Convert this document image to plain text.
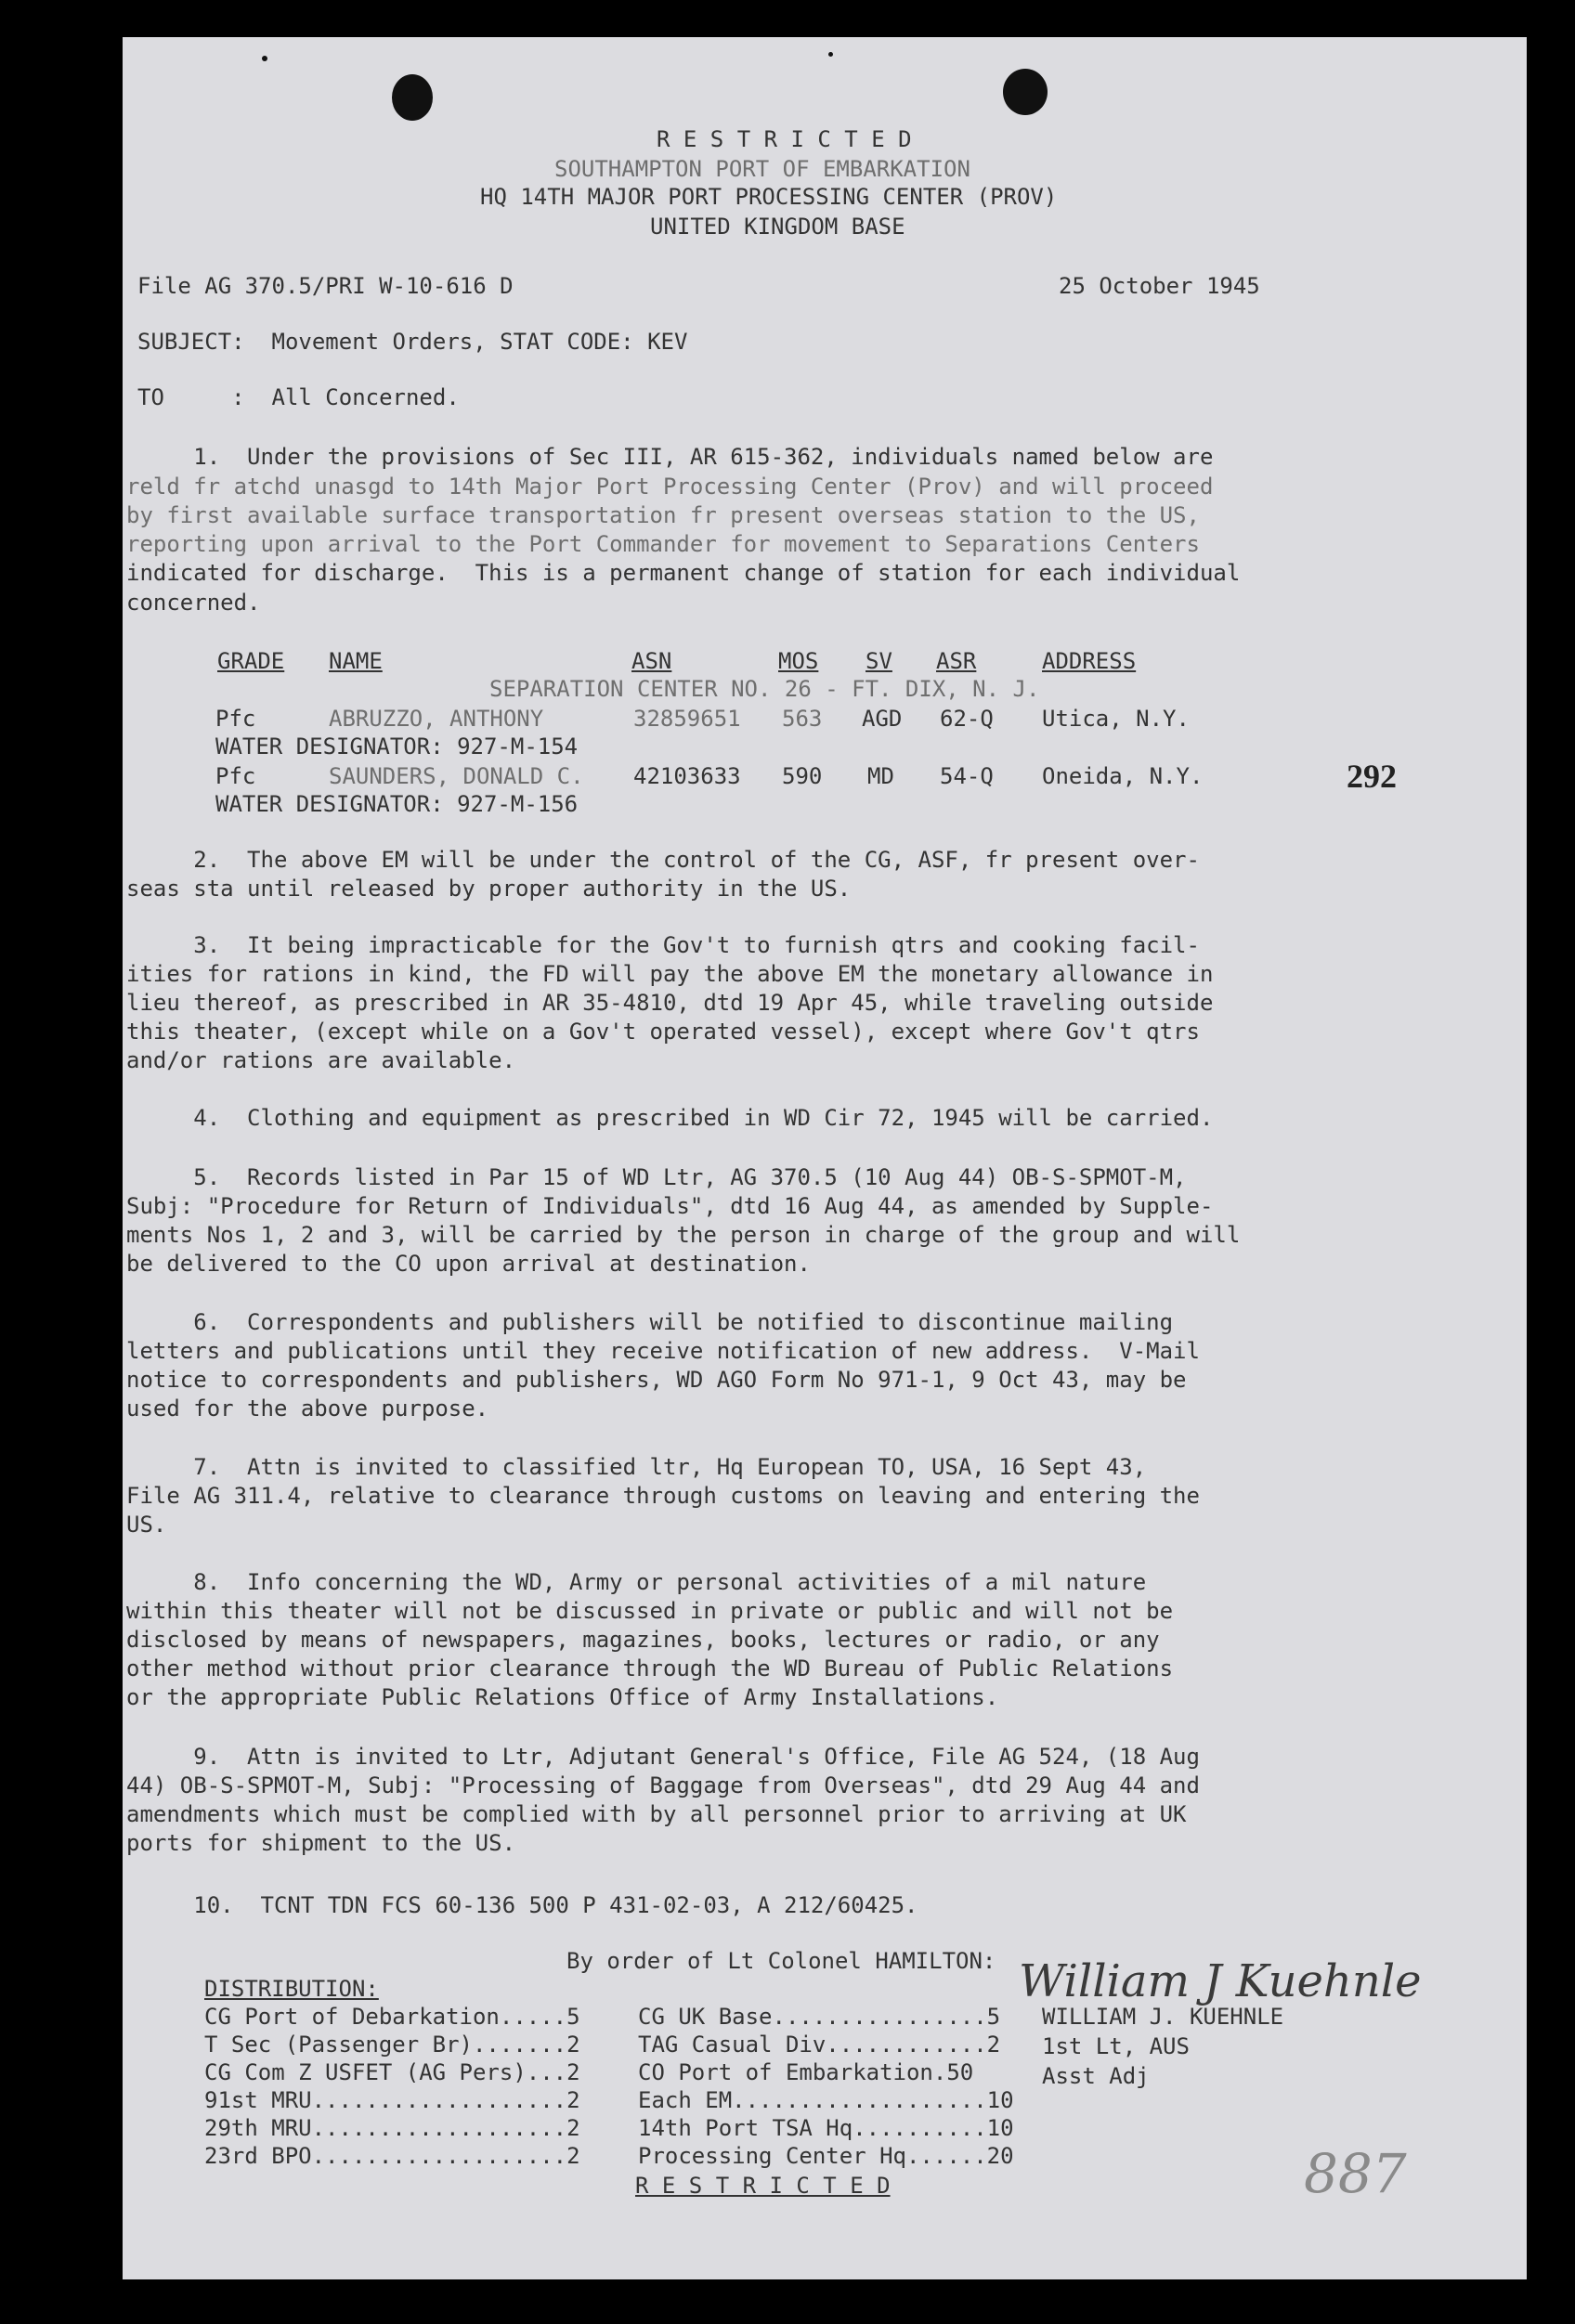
R E S T R I C T E D
SOUTHAMPTON PORT OF EMBARKATION
HQ 14TH MAJOR PORT PROCESSING CENTER (PROV)
UNITED KINGDOM BASE
File AG 370.5/PRI W-10-616 D	25 October 1945
SUBJECT:  Movement Orders, STAT CODE: KEV
TO     :  All Concerned.
1.  Under the provisions of Sec III, AR 615-362, individuals named below are
reld fr atchd unasgd to 14th Major Port Processing Center (Prov) and will proceed
by first available surface transportation fr present overseas station to the US,
reporting upon arrival to the Port Commander for movement to Separations Centers
indicated for discharge.  This is a permanent change of station for each individual
concerned.
GRADE NAME	ASN	MOS SV ASR	ADDRESS
SEPARATION CENTER NO. 26 - FT. DIX, N. J.
Pfc	ABRUZZO, ANTHONY	32859651 563 AGD 62-Q Utica, N.Y.
WATER DESIGNATOR: 927-M-154
Pfc	SAUNDERS, DONALD C. 42103633 590 MD 54-Q Oneida, N.Y.
WATER DESIGNATOR: 927-M-156
292
2.  The above EM will be under the control of the CG, ASF, fr present over-
seas sta until released by proper authority in the US.
3.  It being impracticable for the Gov't to furnish qtrs and cooking facil-
ities for rations in kind, the FD will pay the above EM the monetary allowance in
lieu thereof, as prescribed in AR 35-4810, dtd 19 Apr 45, while traveling outside
this theater, (except while on a Gov't operated vessel), except where Gov't qtrs
and/or rations are available.
4.  Clothing and equipment as prescribed in WD Cir 72, 1945 will be carried.
5.  Records listed in Par 15 of WD Ltr, AG 370.5 (10 Aug 44) OB-S-SPMOT-M,
Subj: "Procedure for Return of Individuals", dtd 16 Aug 44, as amended by Supple-
ments Nos 1, 2 and 3, will be carried by the person in charge of the group and will
be delivered to the CO upon arrival at destination.
6.  Correspondents and publishers will be notified to discontinue mailing
letters and publications until they receive notification of new address.  V-Mail
notice to correspondents and publishers, WD AGO Form No 971-1, 9 Oct 43, may be
used for the above purpose.
7.  Attn is invited to classified ltr, Hq European TO, USA, 16 Sept 43,
File AG 311.4, relative to clearance through customs on leaving and entering the
US.
8.  Info concerning the WD, Army or personal activities of a mil nature
within this theater will not be discussed in private or public and will not be
disclosed by means of newspapers, magazines, books, lectures or radio, or any
other method without prior clearance through the WD Bureau of Public Relations
or the appropriate Public Relations Office of Army Installations.
9.  Attn is invited to Ltr, Adjutant General's Office, File AG 524, (18 Aug
44) OB-S-SPMOT-M, Subj: "Processing of Baggage from Overseas", dtd 29 Aug 44 and
amendments which must be complied with by all personnel prior to arriving at UK
ports for shipment to the US.
10.  TCNT TDN FCS 60-136 500 P 431-02-03, A 212/60425.
By order of Lt Colonel HAMILTON:
DISTRIBUTION:
CG Port of Debarkation.....5
T Sec (Passenger Br).......2
CG Com Z USFET (AG Pers)...2
91st MRU...................2
29th MRU...................2
23rd BPO...................2
CG UK Base................5
TAG Casual Div............2
CO Port of Embarkation.50
Each EM...................10
14th Port TSA Hq..........10
Processing Center Hq......20
William J Kuehnle
WILLIAM J. KUEHNLE
1st Lt, AUS
Asst Adj
R E S T R I C T E D	887
